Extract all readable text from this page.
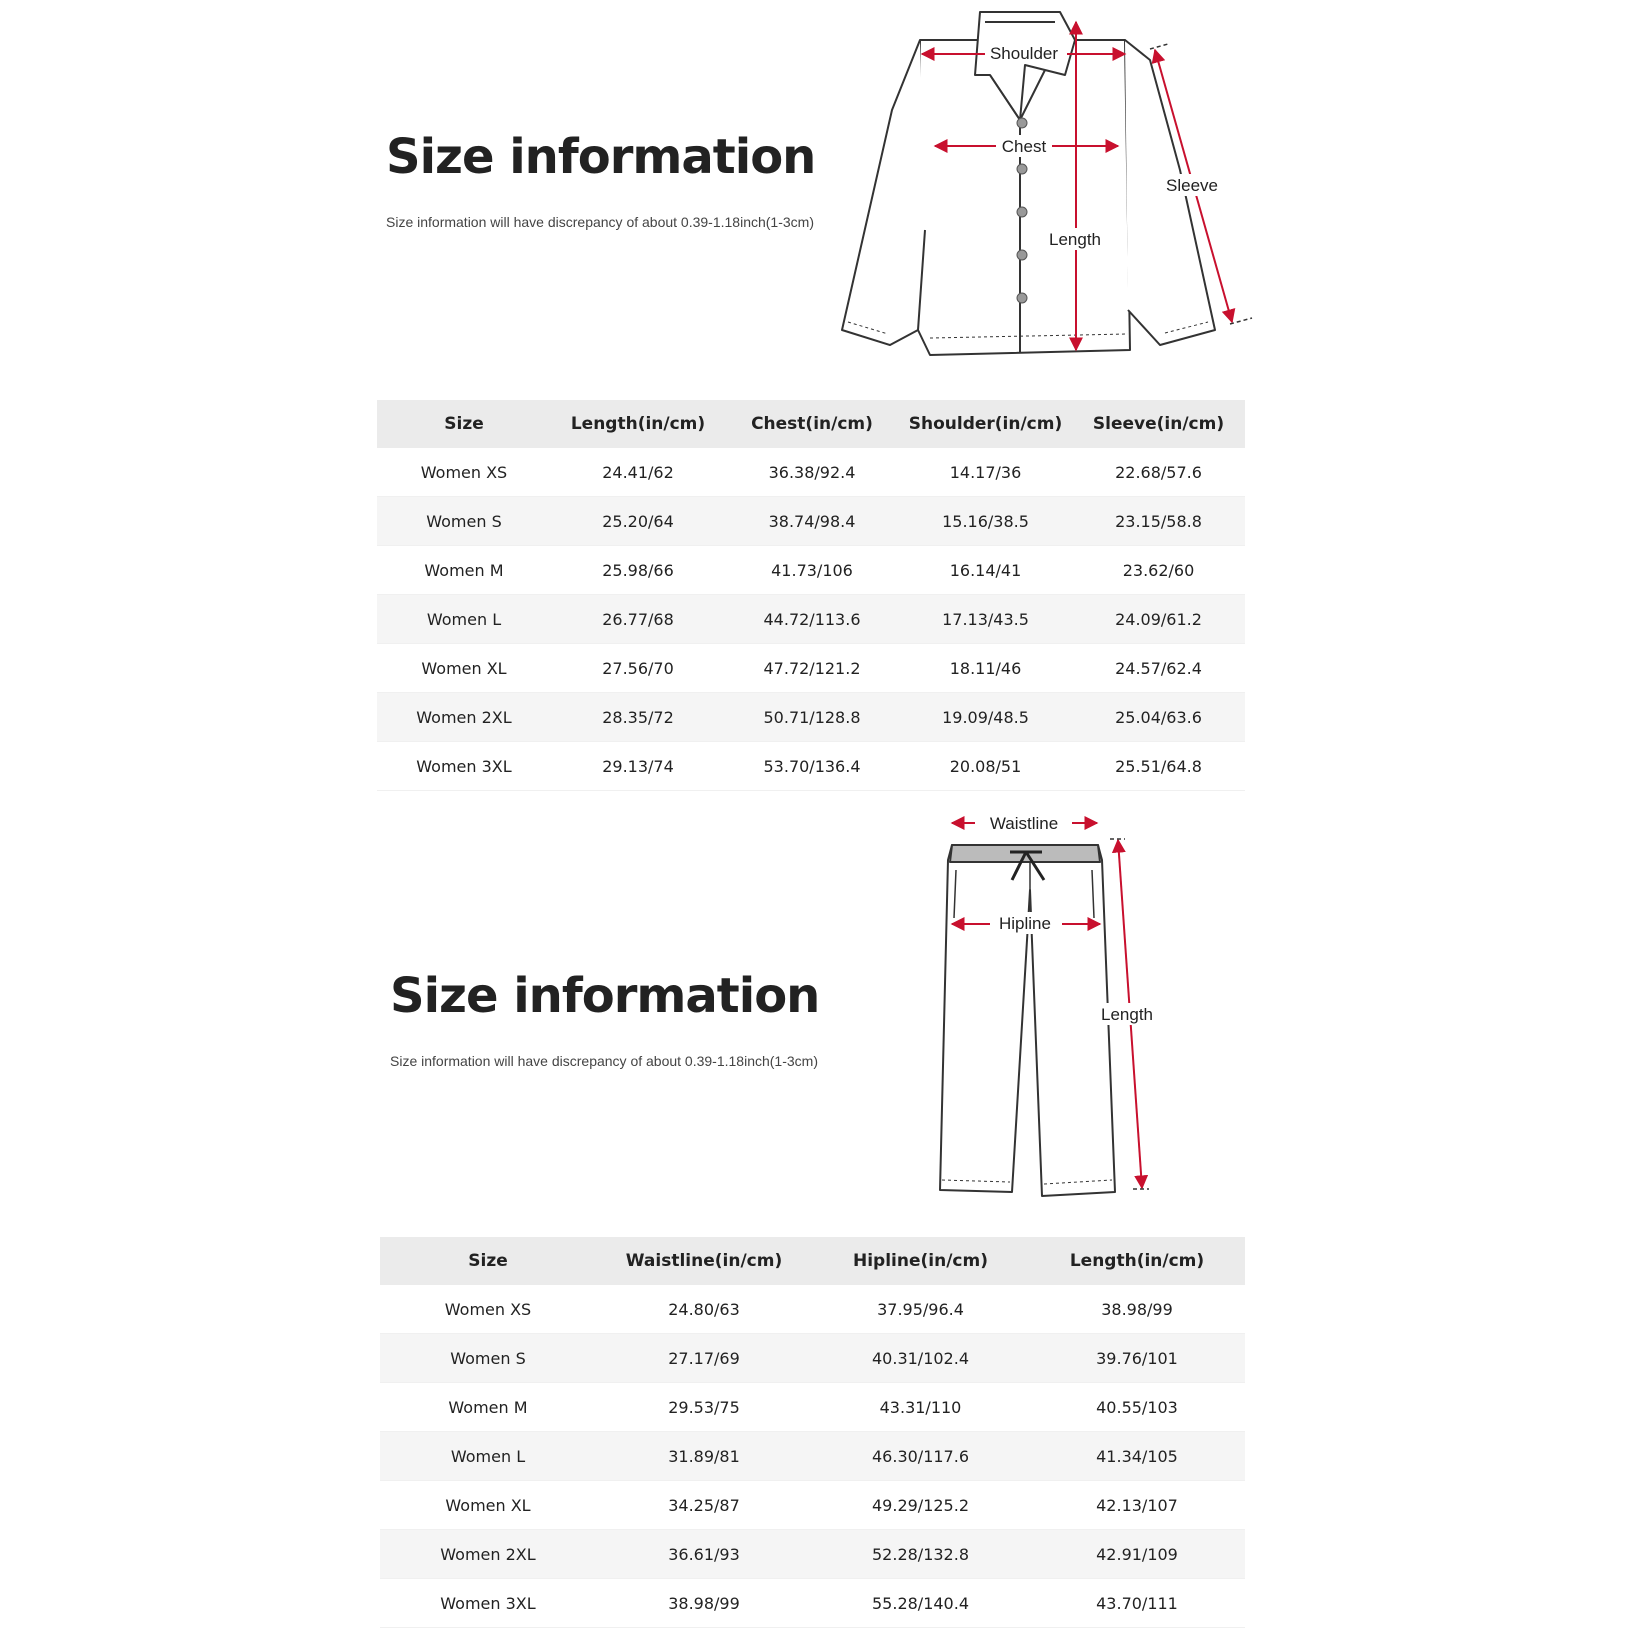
Size information
Size information will have discrepancy of about 0.39-1.18inch(1-3cm)
Shoulder
Chest
Length
Sleeve
Size	Length(in/cm)	Chest(in/cm)	Shoulder(in/cm)	Sleeve(in/cm)
Women XS	24.41/62	36.38/92.4	14.17/36	22.68/57.6
Women S	25.20/64	38.74/98.4	15.16/38.5	23.15/58.8
Women M	25.98/66	41.73/106	16.14/41	23.62/60
Women L	26.77/68	44.72/113.6	17.13/43.5	24.09/61.2
Women XL	27.56/70	47.72/121.2	18.11/46	24.57/62.4
Women 2XL	28.35/72	50.71/128.8	19.09/48.5	25.04/63.6
Women 3XL	29.13/74	53.70/136.4	20.08/51	25.51/64.8
Size information
Size information will have discrepancy of about 0.39-1.18inch(1-3cm)
Waistline
Hipline
Length
Size	Waistline(in/cm)	Hipline(in/cm)	Length(in/cm)
Women XS	24.80/63	37.95/96.4	38.98/99
Women S	27.17/69	40.31/102.4	39.76/101
Women M	29.53/75	43.31/110	40.55/103
Women L	31.89/81	46.30/117.6	41.34/105
Women XL	34.25/87	49.29/125.2	42.13/107
Women 2XL	36.61/93	52.28/132.8	42.91/109
Women 3XL	38.98/99	55.28/140.4	43.70/111
